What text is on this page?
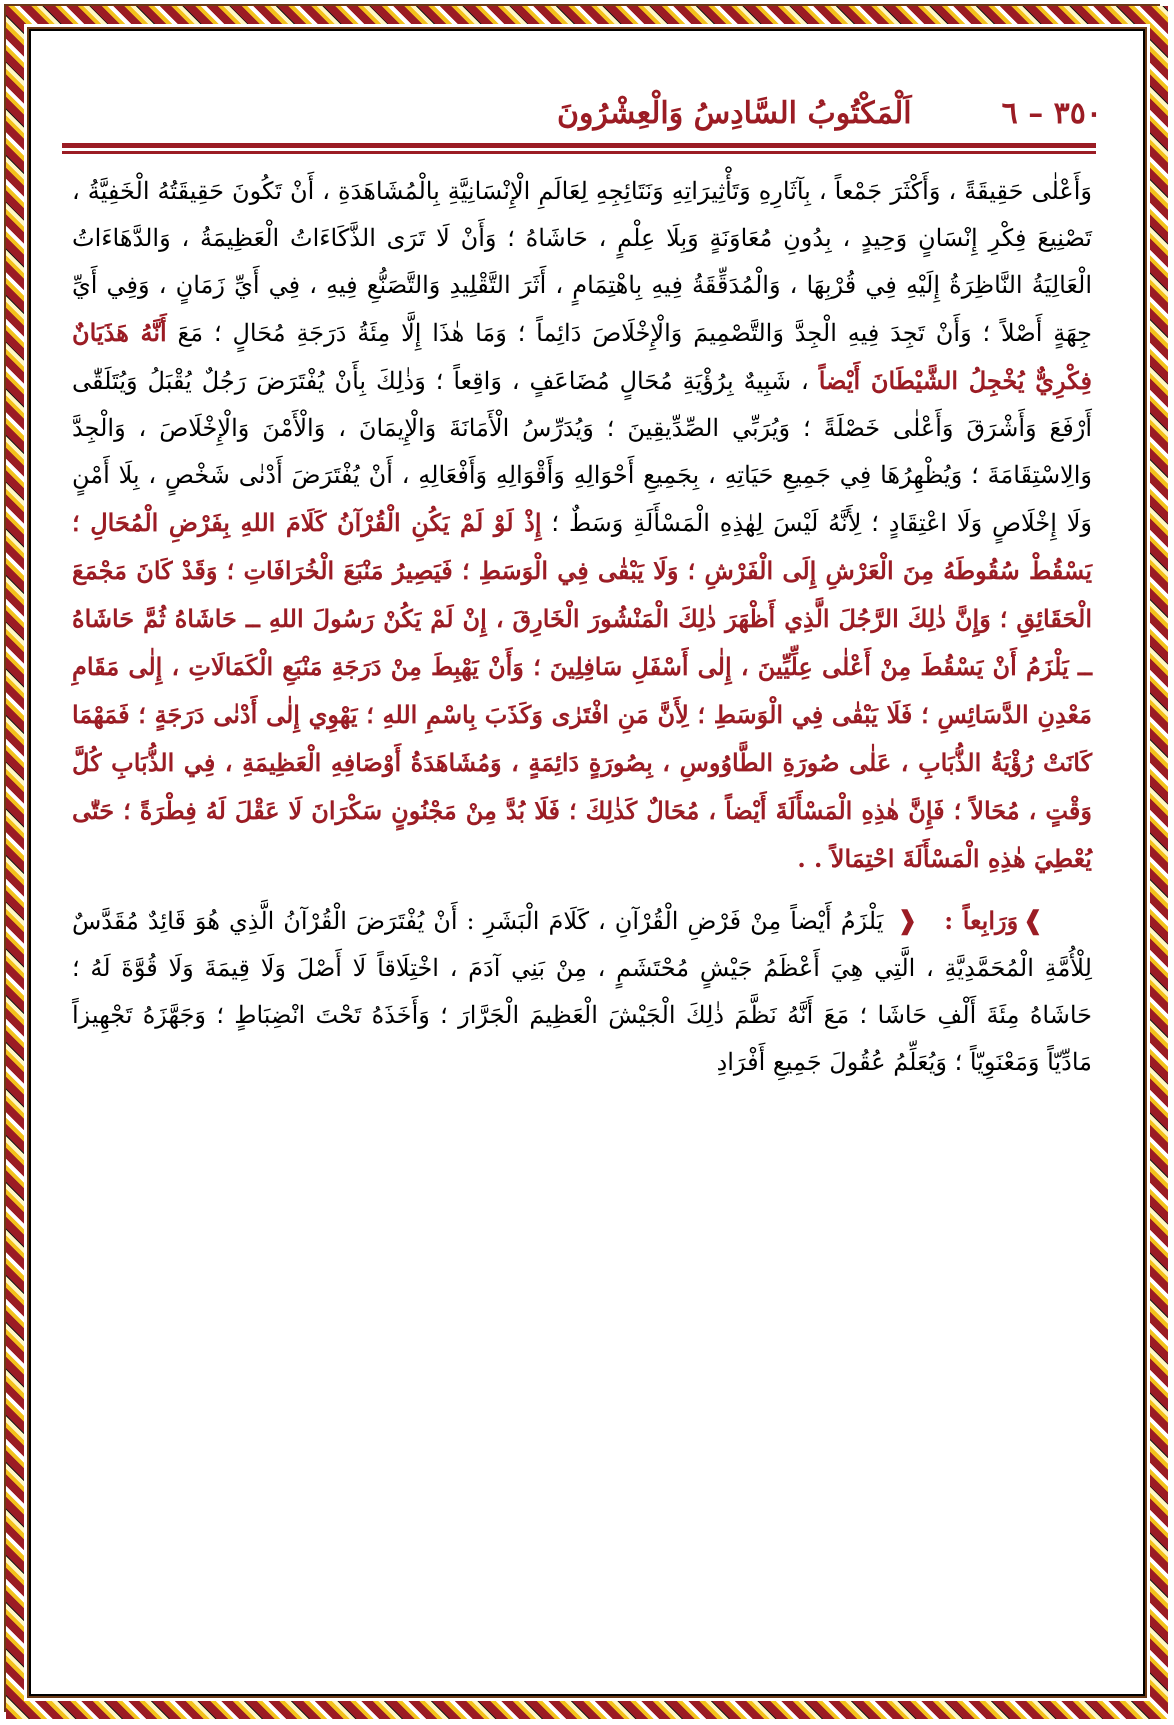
٣٥٠ – ٦
اَلْمَكْتُوبُ السَّادِسُ وَالْعِشْرُونَ

وَأَعْلٰى حَقِيقَةً ، وَأَكْثَرَ جَمْعاً ، بِآثَارِهِ وَتَأْثِيرَاتِهِ وَنَتَائِجِهِ لِعَالَمِ الْإِنْسَانِيَّةِ بِالْمُشَاهَدَةِ ، أَنْ تَكُونَ حَقِيقَتُهُ الْخَفِيَّةُ ، تَصْنِيعَ فِكْرِ إِنْسَانٍ وَحِيدٍ ، بِدُونِ مُعَاوَنَةٍ وَبِلَا عِلْمٍ ، حَاشَاهُ ؛ وَأَنْ لَا تَرَى الذَّكَاءَاتُ الْعَظِيمَةُ ، وَالدَّهَاءَاتُ الْعَالِيَةُ النَّاظِرَةُ إِلَيْهِ فِي قُرْبِهَا ، وَالْمُدَقِّقَةُ فِيهِ بِاهْتِمَامٍ ، أَثَرَ التَّقْلِيدِ وَالتَّصَنُّعِ فِيهِ ، فِي أَيِّ زَمَانٍ ، وَفِي أَيِّ جِهَةٍ أَصْلاً ؛ وَأَنْ تَجِدَ فِيهِ الْجِدَّ وَالتَّصْمِيمَ وَالْإِخْلَاصَ دَائِماً ؛ وَمَا هٰذَا إِلَّا مِئَةُ دَرَجَةِ مُحَالٍ ؛ مَعَ أَنَّهُ هَذَيَانٌ فِكْرِيٌّ يُخْجِلُ الشَّيْطَانَ أَيْضاً ، شَبِيهٌ بِرُؤْيَةِ مُحَالٍ مُضَاعَفٍ ، وَاقِعاً ؛ وَذٰلِكَ بِأَنْ يُفْتَرَضَ رَجُلٌ يُقْبَلُ وَيُتَلَقّٰى أَرْفَعَ وَأَشْرَقَ وَأَعْلٰى خَصْلَةً ؛ وَيُرَبِّي الصِّدِّيقِينَ ؛ وَيُدَرِّسُ الْأَمَانَةَ وَالْإِيمَانَ ، وَالْأَمْنَ وَالْإِخْلَاصَ ، وَالْجِدَّ وَالِاسْتِقَامَةَ ؛ وَيُظْهِرُهَا فِي جَمِيعِ حَيَاتِهِ ، بِجَمِيعِ أَحْوَالِهِ وَأَقْوَالِهِ وَأَفْعَالِهِ ، أَنْ يُفْتَرَضَ أَدْنٰى شَخْصٍ ، بِلَا أَمْنٍ وَلَا إِخْلَاصٍ وَلَا اعْتِقَادٍ ؛ لِأَنَّهُ لَيْسَ لِهٰذِهِ الْمَسْأَلَةِ وَسَطٌ ؛ إِذْ لَوْ لَمْ يَكُنِ الْقُرْآنُ كَلَامَ اللهِ بِفَرْضِ الْمُحَالِ ؛ يَسْقُطْ سُقُوطَهُ مِنَ الْعَرْشِ إِلَى الْفَرْشِ ؛ وَلَا يَبْقٰى فِي الْوَسَطِ ؛ فَيَصِيرُ مَنْبَعَ الْخُرَافَاتِ ؛ وَقَدْ كَانَ مَجْمَعَ الْحَقَائِقِ ؛ وَإِنَّ ذٰلِكَ الرَّجُلَ الَّذِي أَظْهَرَ ذٰلِكَ الْمَنْشُورَ الْخَارِقَ ، إِنْ لَمْ يَكُنْ رَسُولَ اللهِ ــ حَاشَاهُ ثُمَّ حَاشَاهُ ــ يَلْزَمُ أَنْ يَسْقُطَ مِنْ أَعْلٰى عِلِّيِّينَ ، إِلٰى أَسْفَلِ سَافِلِينَ ؛ وَأَنْ يَهْبِطَ مِنْ دَرَجَةِ مَنْبَعِ الْكَمَالَاتِ ، إِلٰى مَقَامِ مَعْدِنِ الدَّسَائِسِ ؛ فَلَا يَبْقٰى فِي الْوَسَطِ ؛ لِأَنَّ مَنِ افْتَرٰى وَكَذَبَ بِاسْمِ اللهِ ؛ يَهْوِي إِلٰى أَدْنٰى دَرَجَةٍ ؛ فَمَهْمَا كَانَتْ رُؤْيَةُ الذُّبَابِ ، عَلٰى صُورَةِ الطَّاوُوسِ ، بِصُورَةٍ دَائِمَةٍ ، وَمُشَاهَدَةُ أَوْصَافِهِ الْعَظِيمَةِ ، فِي الذُّبَابِ كُلَّ وَقْتٍ ، مُحَالاً ؛ فَإِنَّ هٰذِهِ الْمَسْأَلَةَ أَيْضاً ، مُحَالٌ كَذٰلِكَ ؛ فَلَا بُدَّ مِنْ مَجْنُونٍ سَكْرَانَ لَا عَقْلَ لَهُ فِطْرَةً ؛ حَتّٰى يُعْطِيَ هٰذِهِ الْمَسْأَلَةَ احْتِمَالاً . .

❱وَرَابِعاً :❰ يَلْزَمُ أَيْضاً مِنْ فَرْضِ الْقُرْآنِ ، كَلَامَ الْبَشَرِ : أَنْ يُفْتَرَضَ الْقُرْآنُ الَّذِي هُوَ قَائِدٌ مُقَدَّسٌ لِلْأُمَّةِ الْمُحَمَّدِيَّةِ ، الَّتِي هِيَ أَعْظَمُ جَيْشٍ مُحْتَشَمٍ ، مِنْ بَنِي آدَمَ ، اخْتِلَاقاً لَا أَصْلَ وَلَا قِيمَةَ وَلَا قُوَّةَ لَهُ ؛ حَاشَاهُ مِئَةَ أَلْفِ حَاشَا ؛ مَعَ أَنَّهُ نَظَّمَ ذٰلِكَ الْجَيْشَ الْعَظِيمَ الْجَرَّارَ ؛ وَأَخَذَهُ تَحْتَ انْضِبَاطٍ ؛ وَجَهَّزَهُ تَجْهِيزاً مَادِّيّاً وَمَعْنَوِيّاً ؛ وَيُعَلِّمُ عُقُولَ جَمِيعِ أَفْرَادِ
